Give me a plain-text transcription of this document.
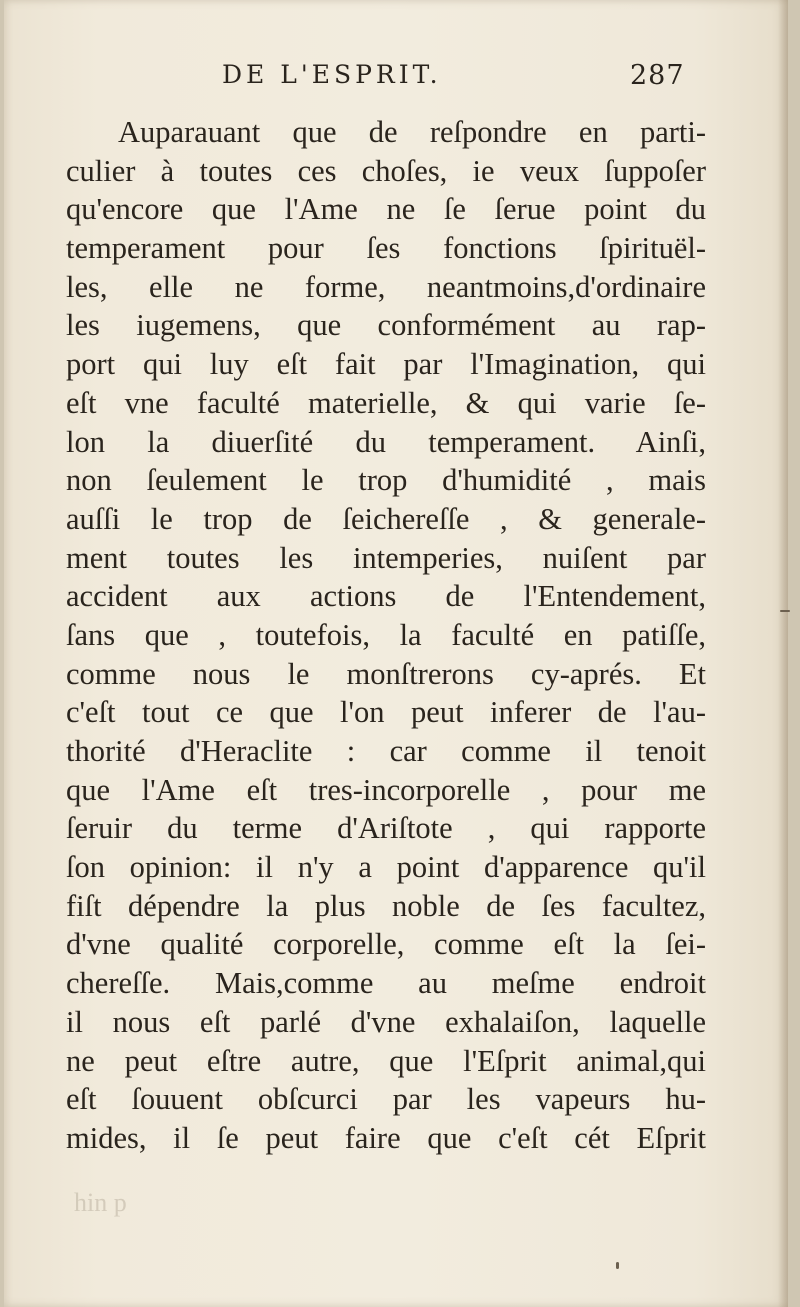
DE L'ESPRIT.	287
Auparauant que de reſpondre en parti-
culier à toutes ces choſes, ie veux ſuppoſer
qu'encore que l'Ame ne ſe ſerue point du
temperament pour ſes fonctions ſpirituël-
les, elle ne forme, neantmoins,d'ordinaire
les iugemens, que conformément au rap-
port qui luy eſt fait par l'Imagination, qui
eſt vne faculté materielle, & qui varie ſe-
lon la diuerſité du temperament. Ainſi,
non ſeulement le trop d'humidité , mais
auſſi le trop de ſeichereſſe , & generale-
ment toutes les intemperies, nuiſent par
accident aux actions de l'Entendement,
ſans que , toutefois, la faculté en patiſſe,
comme nous le monſtrerons cy-aprés. Et
c'eſt tout ce que l'on peut inferer de l'au-
thorité d'Heraclite : car comme il tenoit
que l'Ame eſt tres-incorporelle , pour me
ſeruir du terme d'Ariſtote , qui rapporte
ſon opinion: il n'y a point d'apparence qu'il
fiſt dépendre la plus noble de ſes facultez,
d'vne qualité corporelle, comme eſt la ſei-
chereſſe. Mais,comme au meſme endroit
il nous eſt parlé d'vne exhalaiſon, laquelle
ne peut eſtre autre, que l'Eſprit animal,qui
eſt ſouuent obſcurci par les vapeurs hu-
mides, il ſe peut faire que c'eſt cét Eſprit
hin p
